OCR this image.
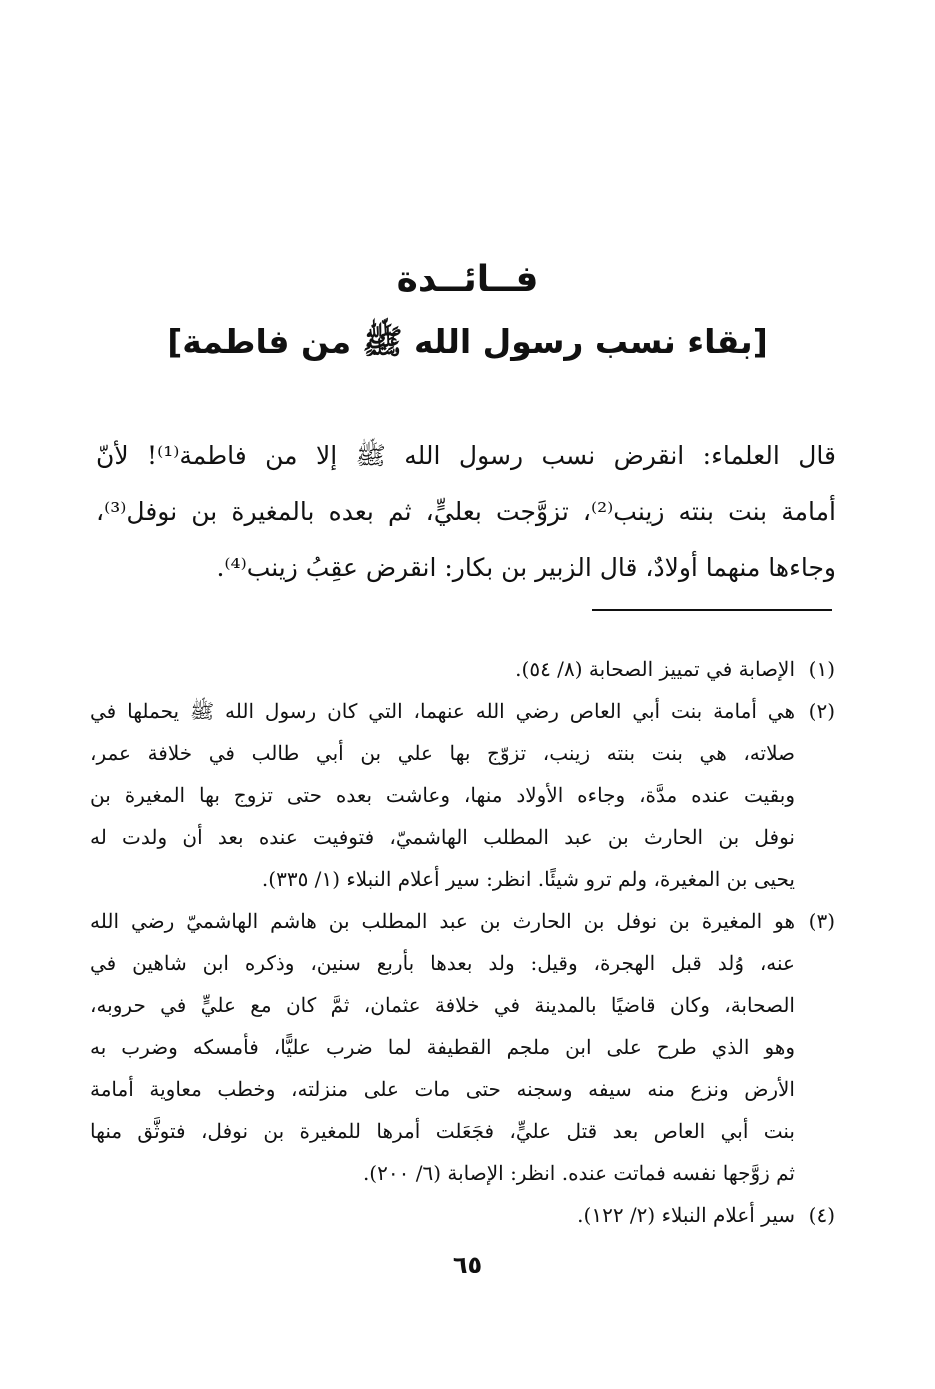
فــائــدة
[بقاء نسب رسول الله ﷺ من فاطمة]
قال العلماء: انقرض نسب رسول الله ﷺ إلا من فاطمة⁽¹⁾! لأنّ
أمامة بنت بنته زينب⁽²⁾، تزوَّجت بعليٍّ، ثم بعده بالمغيرة بن نوفل⁽³⁾،
وجاءها منهما أولادٌ، قال الزبير بن بكار: انقرض عقِبُ زينب⁽⁴⁾.
(١)
الإصابة في تمييز الصحابة (٨/ ٥٤).
(٢)
هي أمامة بنت أبي العاص رضي الله عنهما، التي كان رسول الله ﷺ يحملها في
صلاته، هي بنت بنته زينب، تزوّج بها علي بن أبي طالب في خلافة عمر،
وبقيت عنده مدَّة، وجاءه الأولاد منها، وعاشت بعده حتى تزوج بها المغيرة بن
نوفل بن الحارث بن عبد المطلب الهاشميّ، فتوفيت عنده بعد أن ولدت له
يحيى بن المغيرة، ولم ترو شيئًا. انظر: سير أعلام النبلاء (١/ ٣٣٥).
(٣)
هو المغيرة بن نوفل بن الحارث بن عبد المطلب بن هاشم الهاشميّ رضي الله
عنه، وُلد قبل الهجرة، وقيل: ولد بعدها بأربع سنين، وذكره ابن شاهين في
الصحابة، وكان قاضيًا بالمدينة في خلافة عثمان، ثمَّ كان مع عليٍّ في حروبه،
وهو الذي طرح على ابن ملجم القطيفة لما ضرب عليًّا، فأمسكه وضرب به
الأرض ونزع منه سيفه وسجنه حتى مات على منزلته، وخطب معاوية أمامة
بنت أبي العاص بعد قتل عليٍّ، فجَعَلت أمرها للمغيرة بن نوفل، فتوثَّق منها
ثم زوَّجها نفسه فماتت عنده. انظر: الإصابة (٦/ ٢٠٠).
(٤)
سير أعلام النبلاء (٢/ ١٢٢).
٦٥
